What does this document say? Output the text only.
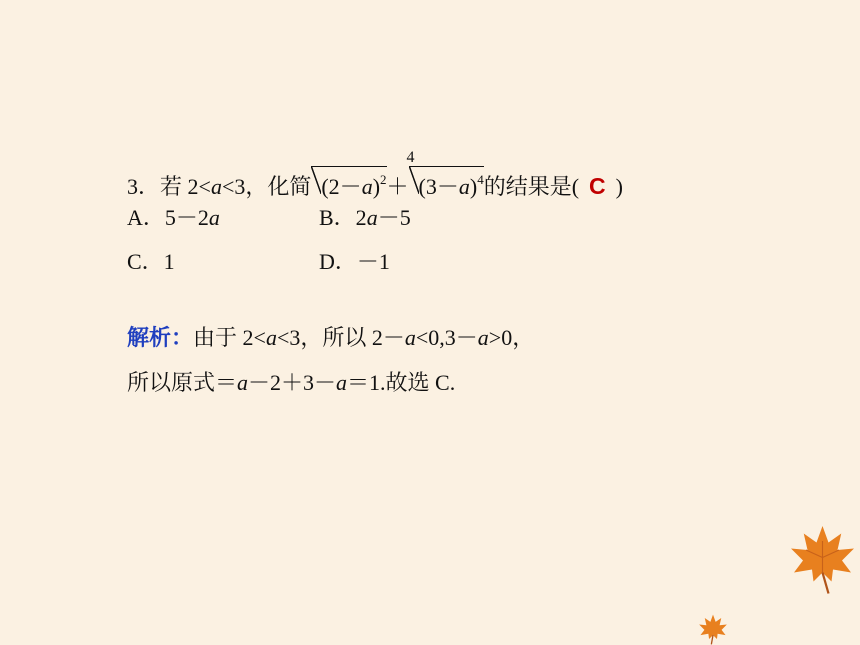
3．若 2<a<3，化简 $(2-a)^2+$
4
$(3-a)^4$的结果是( C )
A．5－2a	B．2a－5
C．1	D．－1
解析：由于 2<a<3，所以 2－a<0,3－a>0，
所以原式＝a－2＋3－a＝1.故选 C.
